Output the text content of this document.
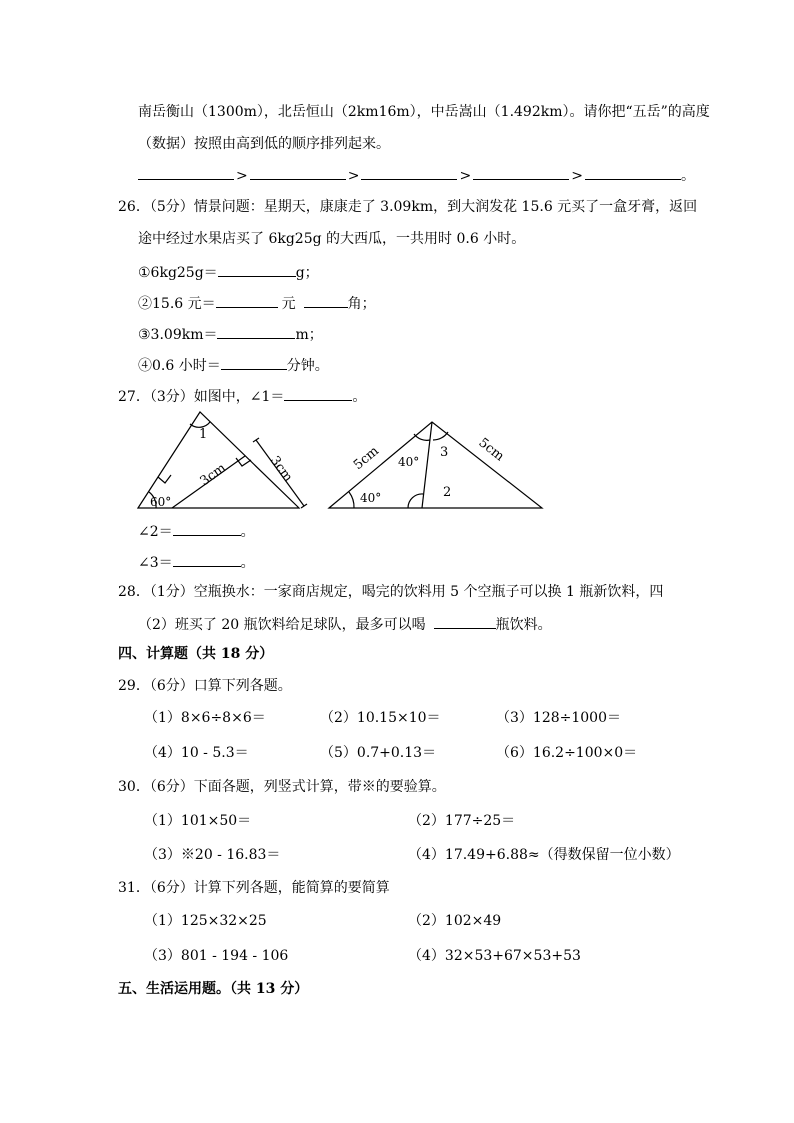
南岳衡山（1300m），北岳恒山（2km16m），中岳嵩山（1.492km）。请你把“五岳”的高度
（数据）按照由高到低的顺序排列起来。
>	>	>	>	。
26．（5分）情景问题：星期天，康康走了 3.09km，到大润发花 15.6 元买了一盒牙膏，返回
途中经过水果店买了 6kg25g 的大西瓜，一共用时 0.6 小时。
①6kg25g＝	g；
②15.6 元＝	元	角；
③3.09km＝	m；
④0.6 小时＝	分钟。
27．（3分）如图中，∠1＝	。
1
3cm	3cm
60°
5cm	5cm
40°
3
40°	2
∠2＝	。
∠3＝	。
28．（1分）空瓶换水：一家商店规定，喝完的饮料用 5 个空瓶子可以换 1 瓶新饮料，四
（2）班买了 20 瓶饮料给足球队，最多可以喝	瓶饮料。
四、计算题（共 18 分）
29．（6分）口算下列各题。
（1）8×6÷8×6＝	（2）10.15×10＝	（3）128÷1000＝
（4）10 - 5.3＝	（5）0.7+0.13＝	（6）16.2÷100×0＝
30．（6分）下面各题，列竖式计算，带※的要验算。
（1）101×50＝	（2）177÷25＝
（3）※20 - 16.83＝	（4）17.49+6.88≈（得数保留一位小数）
31．（6分）计算下列各题，能简算的要简算
（1）125×32×25	（2）102×49
（3）801 - 194 - 106	（4）32×53+67×53+53
五、生活运用题。（共 13 分）
